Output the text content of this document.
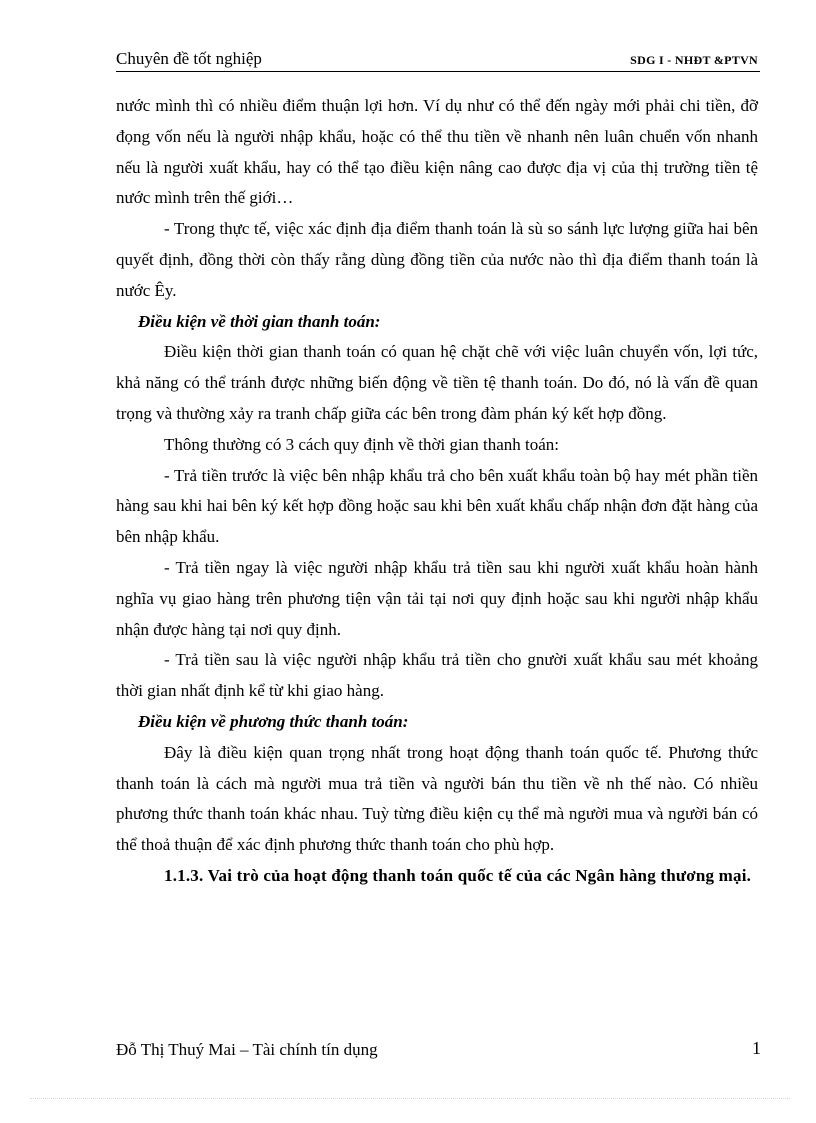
Chuyên đề tốt nghiệp	SDG I - NHĐT &PTVN

nước mình thì có nhiều điểm thuận lợi hơn. Ví dụ như có thể đến ngày mới phải chi tiền, đỡ đọng vốn nếu là người nhập khẩu, hoặc có thể thu tiền về nhanh nên luân chuển vốn nhanh nếu là người xuất khẩu, hay có thể tạo điều kiện nâng cao được địa vị của thị trường tiền tệ nước mình trên thế giới…

- Trong thực tế, việc xác định địa điểm thanh toán là sù so sánh lực lượng giữa hai bên quyết định, đồng thời còn thấy rằng dùng đồng tiền của nước nào thì địa điểm thanh toán là nước Êy.

Điều kiện về thời gian thanh toán:

Điều kiện thời gian thanh toán có quan hệ chặt chẽ với việc luân chuyển vốn, lợi tức, khả năng có thể tránh được những biến động về tiền tệ thanh toán. Do đó, nó là vấn đề quan trọng và thường xảy ra tranh chấp giữa các bên trong đàm phán ký kết hợp đồng.

Thông thường có 3 cách quy định về thời gian thanh toán:

- Trả tiền trước là việc bên nhập khẩu trả cho bên xuất khẩu toàn bộ hay mét phần tiền hàng sau khi hai bên ký kết hợp đồng hoặc sau khi bên xuất khẩu chấp nhận đơn đặt hàng của bên nhập khẩu.

- Trả tiền ngay là việc người nhập khẩu trả tiền sau khi người xuất khẩu hoàn hành nghĩa vụ giao hàng trên phương tiện vận tải tại nơi quy định hoặc sau khi người nhập khẩu nhận được hàng tại nơi quy định.

- Trả tiền sau là việc người nhập khẩu trả tiền cho gnười xuất khẩu sau mét khoảng thời gian nhất định kể từ khi giao hàng.

Điều kiện về phương thức thanh toán:

Đây là điều kiện quan trọng nhất trong hoạt động thanh toán quốc tế. Phương thức thanh toán là cách mà người mua trả tiền và người bán thu tiền về nh thế nào. Có nhiều phương thức thanh toán khác nhau. Tuỳ từng điều kiện cụ thể mà người mua và người bán có thể thoả thuận để xác định phương thức thanh toán cho phù hợp.

1.1.3. Vai trò của hoạt động thanh toán quốc tế của các Ngân hàng thương mại.

Đỗ Thị Thuý Mai – Tài chính tín dụng	1
